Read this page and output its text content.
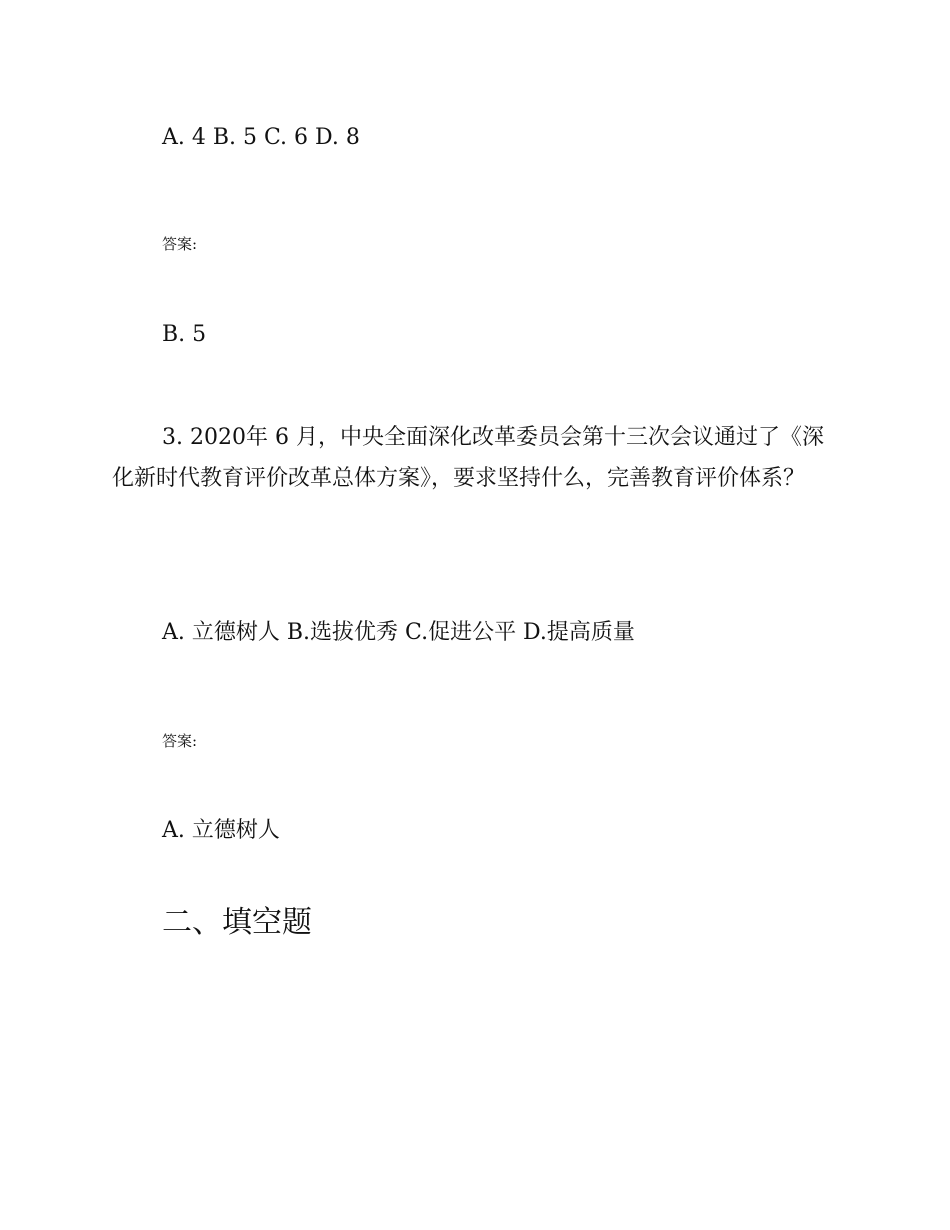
A. 4 B. 5 C. 6 D. 8
答案:
B. 5
3. 2020年 6 月，中央全面深化改革委员会第十三次会议通过了《深化新时代教育评价改革总体方案》，要求坚持什么，完善教育评价体系？
A. 立德树人 B.选拔优秀 C.促进公平 D.提高质量
答案:
A. 立德树人
二、填空题
